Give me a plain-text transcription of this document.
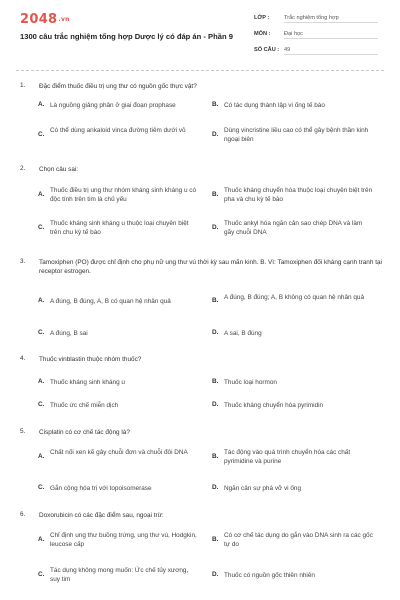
2048.vn
1300 câu trắc nghiệm tổng hợp Dược lý có đáp án - Phần 9
LỚP :	Trắc nghiệm tổng hợp
MÔN : Đại học
SỐ CÂU : 49
1.	Đặc điểm thuốc điều trị ung thư có nguồn gốc thực vật?
A. Là nguồng giảng phân ở giai đoạn prophase	B. Có tác dụng thành lập vi ống tế bào
C.
Có thể dùng ankaloid vinca đường tiêm dưới vỏ
D.
Dùng vincristine liều cao có thể gây bệnh thần kinh ngoại biên
2.	Chọn câu sai:
A.
Thuốc điều trị ung thư nhóm kháng sinh kháng u có độc tính trên tim là chủ yếu
B.
Thuốc kháng chuyển hóa thuộc loại chuyên biệt trên pha và chu kỳ tế bào
C.
Thuốc kháng sinh kháng u thuộc loại chuyên biệt trên chu kỳ tế bào
D.
Thuốc ankyl hóa ngăn cản sao chép DNA và làm gãy chuỗi DNA
3.	Tamoxiphen (PO) được chỉ định cho phụ nữ ung thư vú thời kỳ sau mãn kinh. B. Vì: Tamoxiphen đối kháng cạnh tranh tại receptor estrogen.
A. A đúng, B đúng, A, B có quan hệ nhân quả	B. A đúng, B đúng; A, B không có quan hệ nhân quả
C. A đúng, B sai	D. A sai, B đúng
4.	Thuốc vinblastin thuộc nhóm thuốc?
A. Thuốc kháng sinh kháng u	B. Thuốc loại hormon
C. Thuốc ức chế miễn dịch	D. Thuốc kháng chuyển hóa pyrimidin
5.	Cisplatin có cơ chế tác động là?
A.
Chất nối xen kẽ gây chuỗi đơn và chuỗi đôi DNA
B.
Tác động vào quá trình chuyển hóa các chất pyrimidine và purine
C. Gắn cộng hóa trị với topoisomerase	D. Ngăn cản sự phá vỡ vi ống
6.	Doxorubicin có các đặc điểm sau, ngoại trừ:
A.
Chỉ định ung thư buồng trứng, ung thư vú, Hodgkin, leucose cấp
B.
Có cơ chế tác dụng do gắn vào DNA sinh ra các gốc tự do
C.
Tác dụng không mong muốn: Ức chế tủy xương, suy tim
D. Thuốc có nguồn gốc thiên nhiên
